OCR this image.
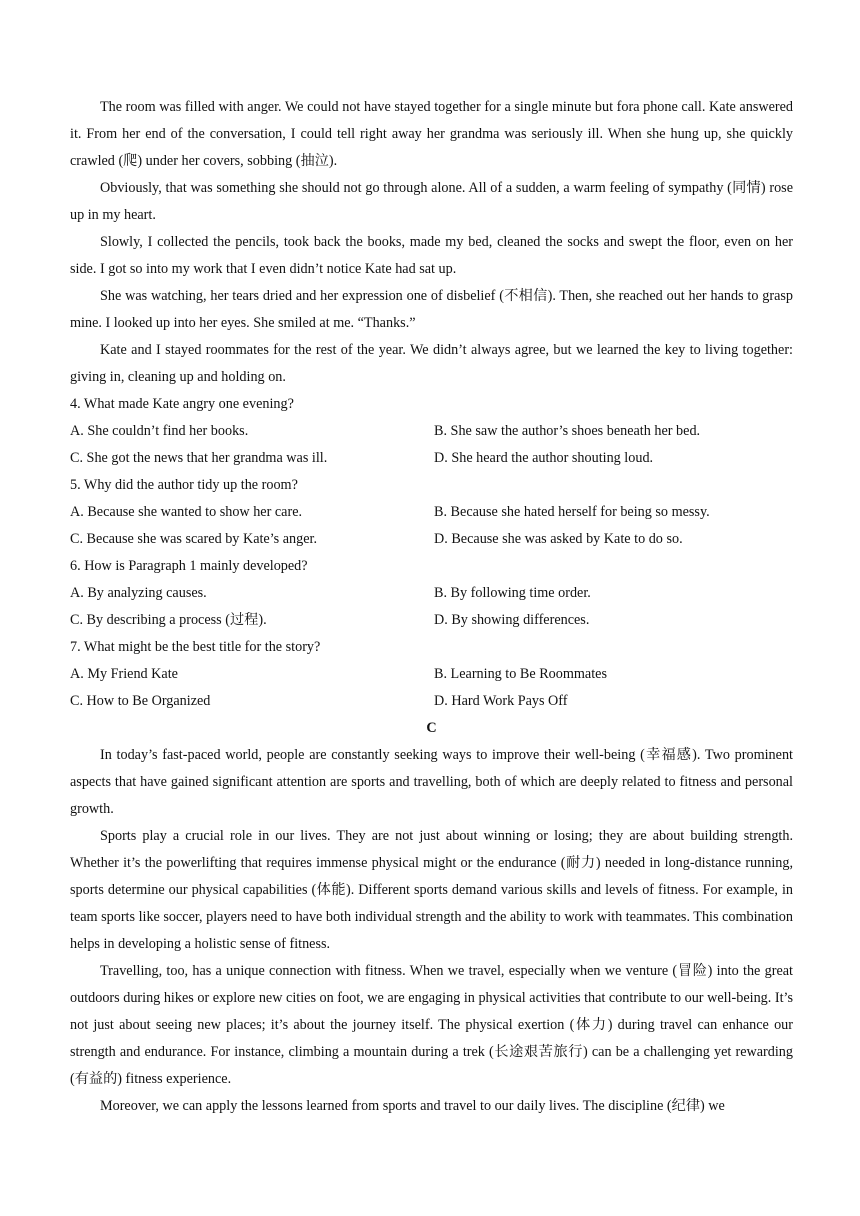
The room was filled with anger. We could not have stayed together for a single minute but fora phone call. Kate answered it. From her end of the conversation, I could tell right away her grandma was seriously ill. When she hung up, she quickly crawled (爬) under her covers, sobbing (抽泣).

Obviously, that was something she should not go through alone. All of a sudden, a warm feeling of sympathy (同情) rose up in my heart.

Slowly, I collected the pencils, took back the books, made my bed, cleaned the socks and swept the floor, even on her side. I got so into my work that I even didn’t notice Kate had sat up.

She was watching, her tears dried and her expression one of disbelief (不相信). Then, she reached out her hands to grasp mine. I looked up into her eyes. She smiled at me. “Thanks.”

Kate and I stayed roommates for the rest of the year. We didn’t always agree, but we learned the key to living together: giving in, cleaning up and holding on.

4. What made Kate angry one evening?

A. She couldn’t find her books.	B. She saw the author’s shoes beneath her bed.
C. She got the news that her grandma was ill.	D. She heard the author shouting loud.

5. Why did the author tidy up the room?

A. Because she wanted to show her care.	B. Because she hated herself for being so messy.
C. Because she was scared by Kate’s anger.	D. Because she was asked by Kate to do so.

6. How is Paragraph 1 mainly developed?

A. By analyzing causes.	B. By following time order.
C. By describing a process (过程).	D. By showing differences.

7. What might be the best title for the story?

A. My Friend Kate	B. Learning to Be Roommates
C. How to Be Organized	D. Hard Work Pays Off

C

In today’s fast-paced world, people are constantly seeking ways to improve their well-being (幸福感). Two prominent aspects that have gained significant attention are sports and travelling, both of which are deeply related to fitness and personal growth.

Sports play a crucial role in our lives. They are not just about winning or losing; they are about building strength. Whether it’s the powerlifting that requires immense physical might or the endurance (耐力) needed in long-distance running, sports determine our physical capabilities (体能). Different sports demand various skills and levels of fitness. For example, in team sports like soccer, players need to have both individual strength and the ability to work with teammates. This combination helps in developing a holistic sense of fitness.

Travelling, too, has a unique connection with fitness. When we travel, especially when we venture (冒险) into the great outdoors during hikes or explore new cities on foot, we are engaging in physical activities that contribute to our well-being. It’s not just about seeing new places; it’s about the journey itself. The physical exertion (体力) during travel can enhance our strength and endurance. For instance, climbing a mountain during a trek (长途艰苦旅行) can be a challenging yet rewarding (有益的) fitness experience.

Moreover, we can apply the lessons learned from sports and travel to our daily lives. The discipline (纪律) we
